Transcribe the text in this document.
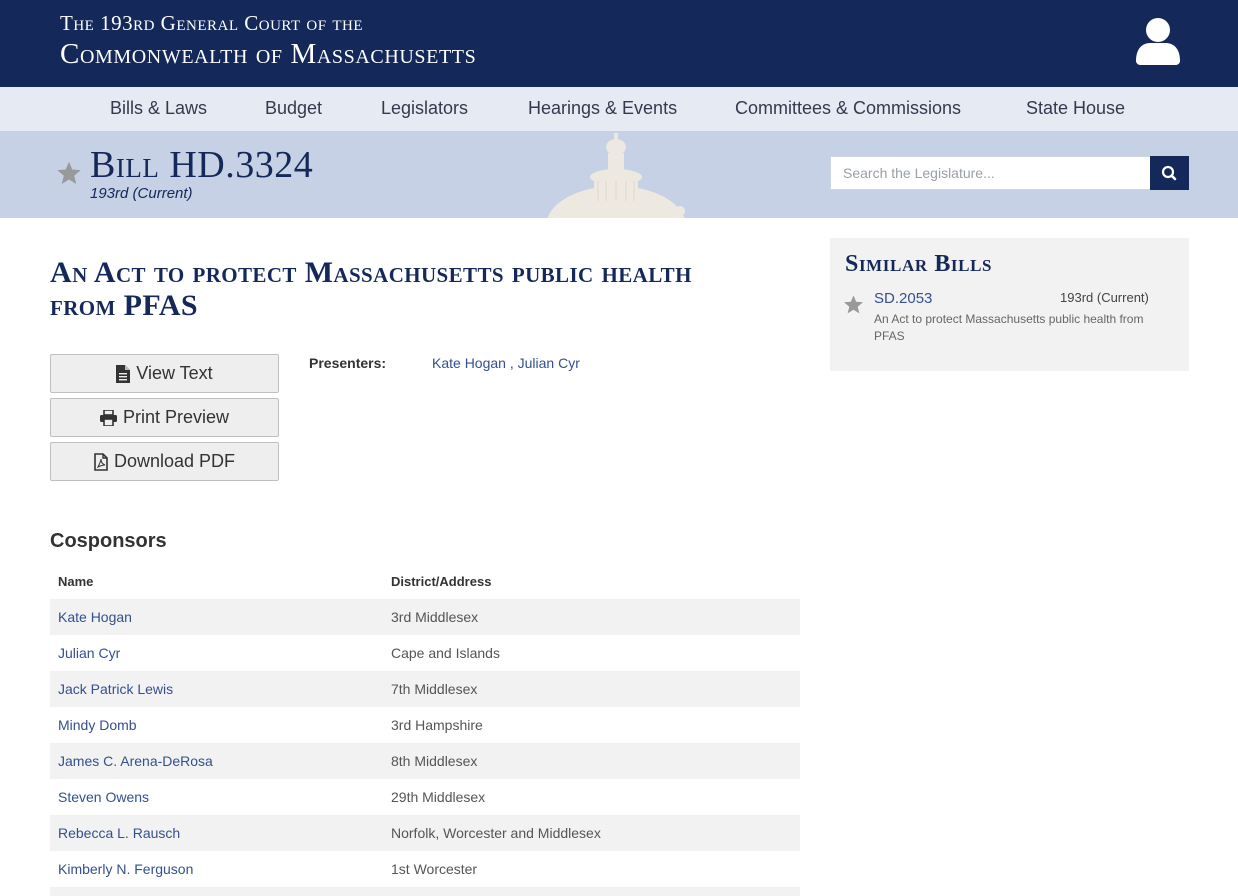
The 193rd General Court of the
Commonwealth of Massachusetts
Bills & Laws	Budget	Legislators	Hearings & Events	Committees & Commissions	State House
Bill HD.3324
193rd (Current)
Search the Legislature...
An Act to protect Massachusetts public health from PFAS
View Text
Print Preview
Download PDF
Presenters:	Kate Hogan , Julian Cyr
Cosponsors
Name	District/Address
Kate Hogan	3rd Middlesex
Julian Cyr	Cape and Islands
Jack Patrick Lewis	7th Middlesex
Mindy Domb	3rd Hampshire
James C. Arena-DeRosa	8th Middlesex
Steven Owens	29th Middlesex
Rebecca L. Rausch	Norfolk, Worcester and Middlesex
Kimberly N. Ferguson	1st Worcester

Similar Bills
SD.2053	193rd (Current)
An Act to protect Massachusetts public health from PFAS
